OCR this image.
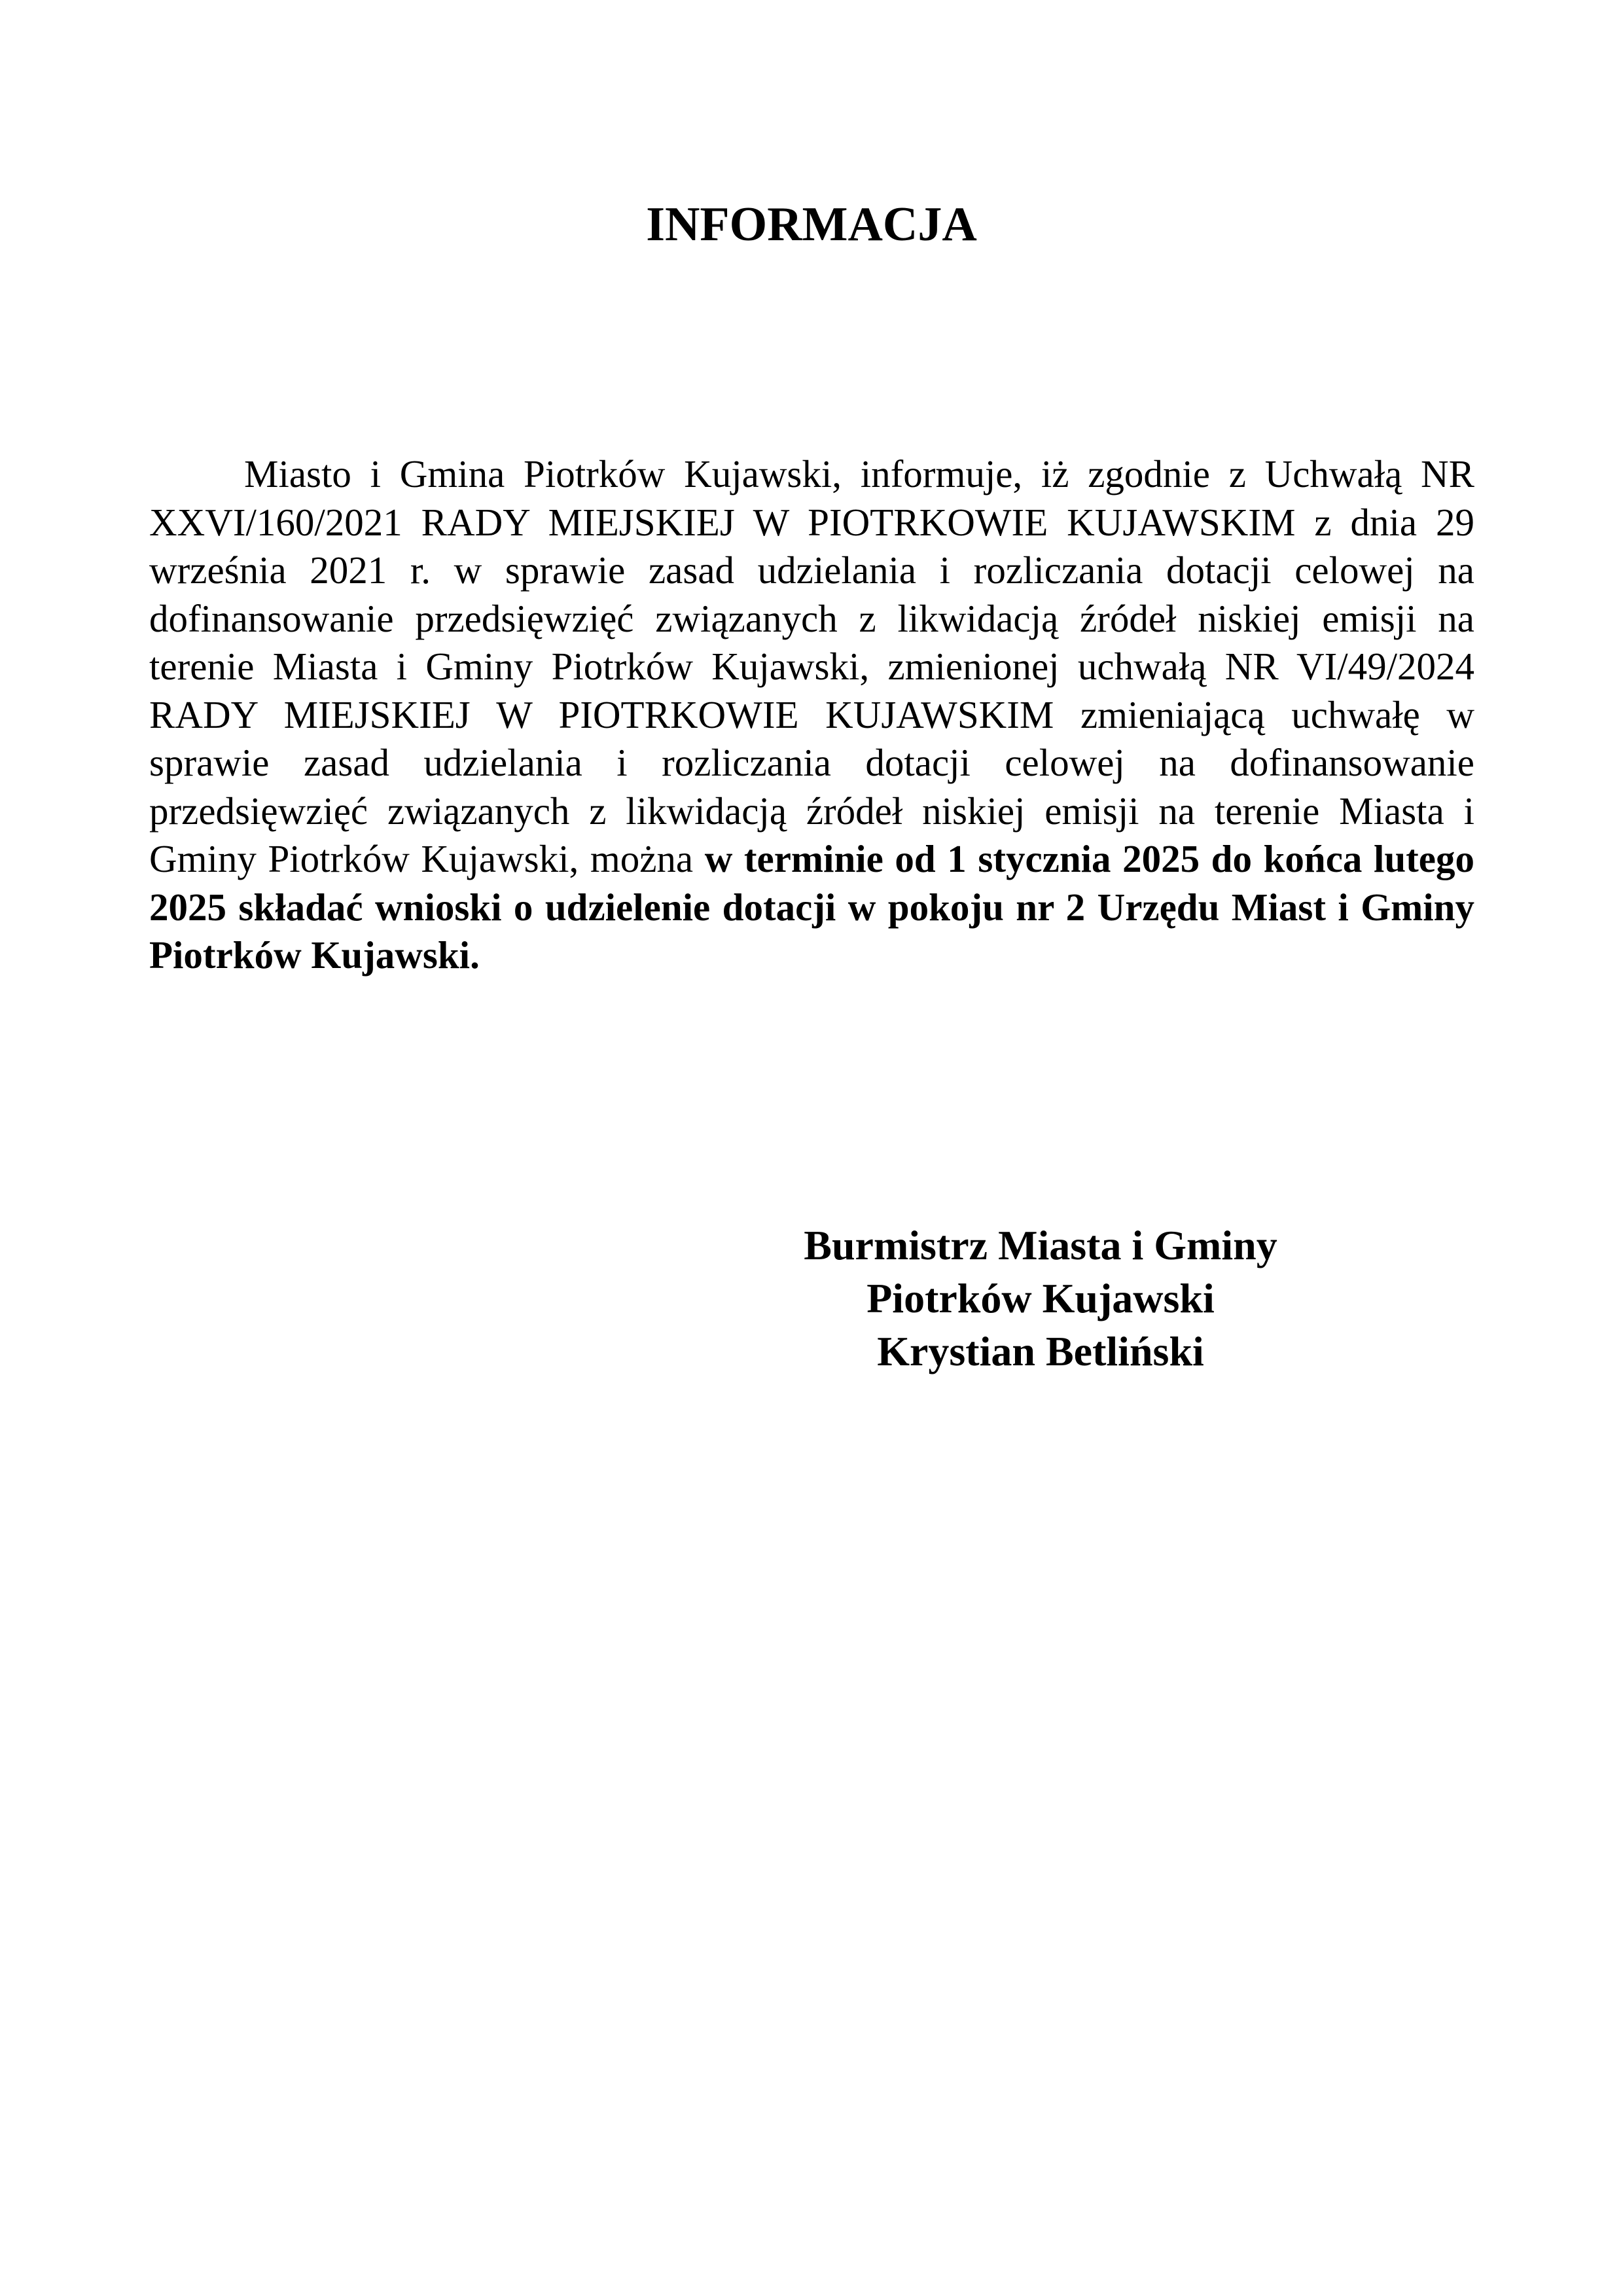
INFORMACJA

Miasto i Gmina Piotrków Kujawski, informuje, iż zgodnie z Uchwałą NR XXVI/160/2021 RADY MIEJSKIEJ W PIOTRKOWIE KUJAWSKIM z dnia 29 września 2021 r. w sprawie zasad udzielania i rozliczania dotacji celowej na dofinansowanie przedsięwzięć związanych z likwidacją źródeł niskiej emisji na terenie Miasta i Gminy Piotrków Kujawski, zmienionej uchwałą NR VI/49/2024 RADY MIEJSKIEJ W PIOTRKOWIE KUJAWSKIM zmieniającą uchwałę w sprawie zasad udzielania i rozliczania dotacji celowej na dofinansowanie przedsięwzięć związanych z likwidacją źródeł niskiej emisji na terenie Miasta i Gminy Piotrków Kujawski, można w terminie od 1 stycznia 2025 do końca lutego 2025 składać wnioski o udzielenie dotacji w pokoju nr 2 Urzędu Miast i Gminy Piotrków Kujawski.

Burmistrz Miasta i Gminy
Piotrków Kujawski
Krystian Betliński
